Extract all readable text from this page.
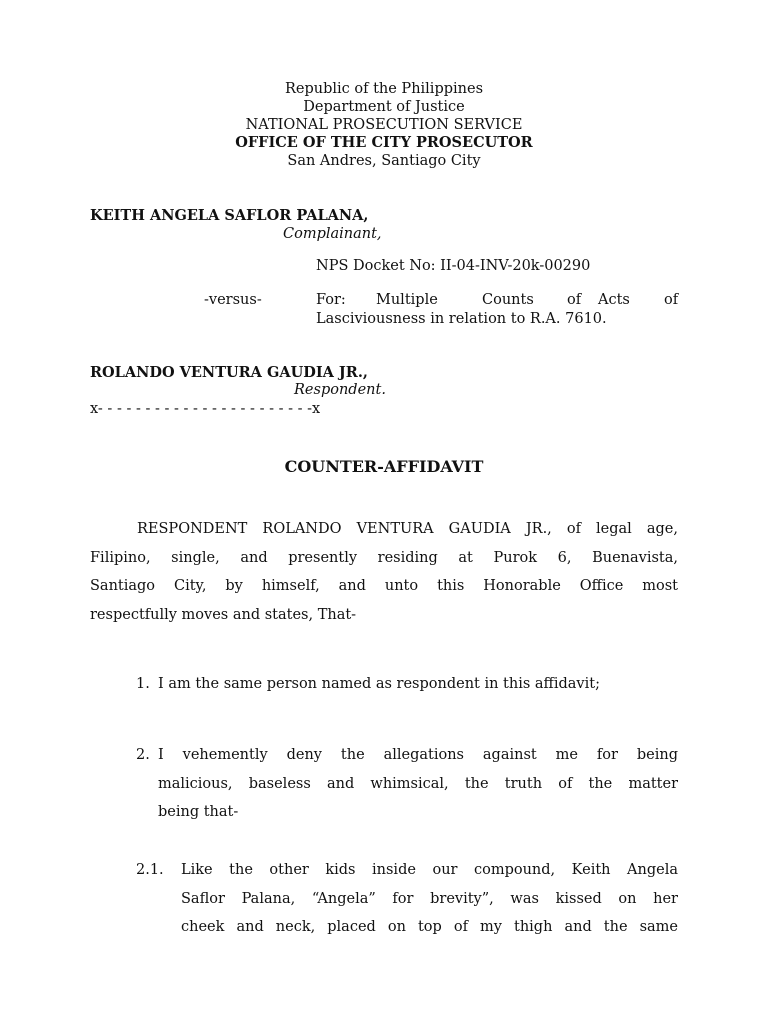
Republic of the Philippines
Department of Justice
NATIONAL PROSECUTION SERVICE
OFFICE OF THE CITY PROSECUTOR
San Andres, Santiago City
KEITH ANGELA SAFLOR PALANA,
Complainant,
NPS Docket No: II-04-INV-20k-00290
-versus-	For: Multiple	Counts of Acts of
Lasciviousness in relation to R.A. 7610.
ROLANDO VENTURA GAUDIA JR.,
Respondent.
x- - - - - - - - - - - - - - - - - - - - - - -x
COUNTER-AFFIDAVIT
RESPONDENT ROLANDO VENTURA GAUDIA JR., of legal age,
Filipino, single, and presently residing at Purok 6, Buenavista,
Santiago City, by himself, and unto this Honorable Office most
respectfully moves and states, That-
1. I am the same person named as respondent in this affidavit;
2. I vehemently deny the allegations against me for being
malicious, baseless and whimsical, the truth of the matter
being that-
2.1. Like the other kids inside our compound, Keith Angela
Saflor Palana, “Angela” for brevity”, was kissed on her
cheek and neck, placed on top of my thigh and the same
